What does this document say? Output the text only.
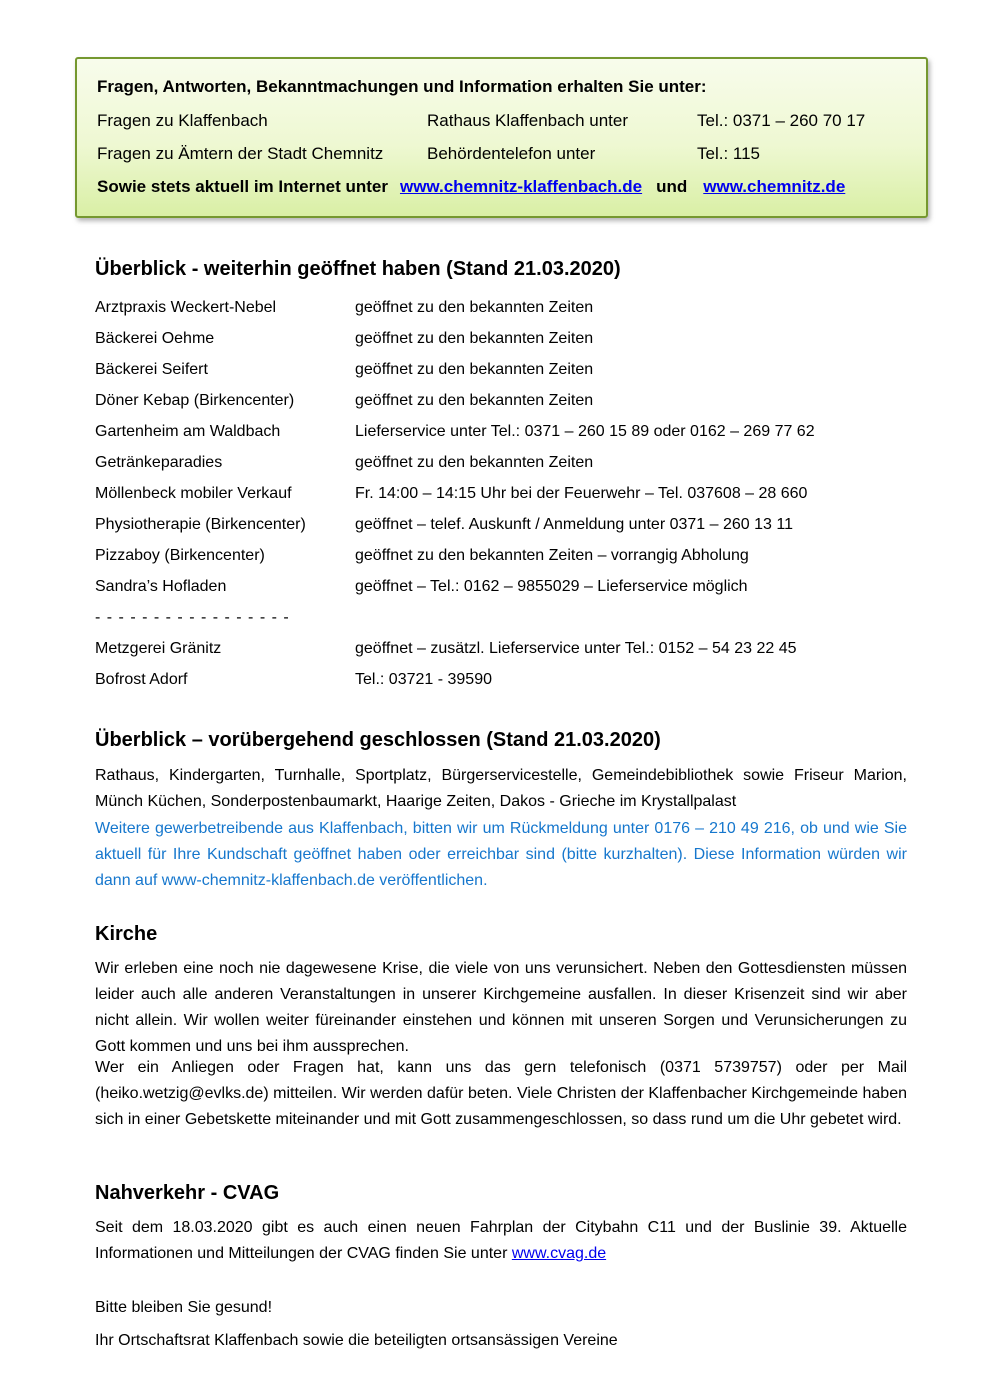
Fragen, Antworten, Bekanntmachungen und Information erhalten Sie unter:
Fragen zu Klaffenbach	Rathaus Klaffenbach unter	Tel.: 0371 – 260 70 17
Fragen zu Ämtern der Stadt Chemnitz	Behördentelefon unter	Tel.: 115
Sowie stets aktuell im Internet unter www.chemnitz-klaffenbach.de und www.chemnitz.de
Überblick - weiterhin geöffnet haben (Stand 21.03.2020)
Arztpraxis Weckert-Nebel	geöffnet zu den bekannten Zeiten
Bäckerei Oehme	geöffnet zu den bekannten Zeiten
Bäckerei Seifert	geöffnet zu den bekannten Zeiten
Döner Kebap (Birkencenter)	geöffnet zu den bekannten Zeiten
Gartenheim am Waldbach	Lieferservice unter Tel.: 0371 – 260 15 89 oder 0162 – 269 77 62
Getränkeparadies	geöffnet zu den bekannten Zeiten
Möllenbeck mobiler Verkauf	Fr. 14:00 – 14:15 Uhr bei der Feuerwehr – Tel. 037608 – 28 660
Physiotherapie (Birkencenter)	geöffnet – telef. Auskunft / Anmeldung unter 0371 – 260 13 11
Pizzaboy (Birkencenter)	geöffnet zu den bekannten Zeiten – vorrangig Abholung
Sandra’s Hofladen	geöffnet – Tel.: 0162 – 9855029 – Lieferservice möglich
- - - - - - - - - - - - - - - - -
Metzgerei Gränitz	geöffnet – zusätzl. Lieferservice unter Tel.: 0152 – 54 23 22 45
Bofrost Adorf	Tel.: 03721 - 39590
Überblick – vorübergehend geschlossen (Stand 21.03.2020)

Rathaus, Kindergarten, Turnhalle, Sportplatz, Bürgerservicestelle, Gemeindebibliothek sowie Friseur Marion, Münch Küchen, Sonderpostenbaumarkt, Haarige Zeiten, Dakos - Grieche im Krystallpalast

Weitere gewerbetreibende aus Klaffenbach, bitten wir um Rückmeldung unter 0176 – 210 49 216, ob und wie Sie aktuell für Ihre Kundschaft geöffnet haben oder erreichbar sind (bitte kurzhalten). Diese Information würden wir dann auf www-chemnitz-klaffenbach.de veröffentlichen.

Kirche

Wir erleben eine noch nie dagewesene Krise, die viele von uns verunsichert. Neben den Gottesdiensten müssen leider auch alle anderen Veranstaltungen in unserer Kirchgemeine ausfallen. In dieser Krisenzeit sind wir aber nicht allein. Wir wollen weiter füreinander einstehen und können mit unseren Sorgen und Verunsicherungen zu Gott kommen und uns bei ihm aussprechen.

Wer ein Anliegen oder Fragen hat, kann uns das gern telefonisch (0371 5739757) oder per Mail (heiko.wetzig@evlks.de) mitteilen. Wir werden dafür beten. Viele Christen der Klaffenbacher Kirchgemeinde haben sich in einer Gebetskette miteinander und mit Gott zusammengeschlossen, so dass rund um die Uhr gebetet wird.

Nahverkehr - CVAG

Seit dem 18.03.2020 gibt es auch einen neuen Fahrplan der Citybahn C11 und der Buslinie 39. Aktuelle Informationen und Mitteilungen der CVAG finden Sie unter www.cvag.de

Bitte bleiben Sie gesund!
Ihr Ortschaftsrat Klaffenbach sowie die beteiligten ortsansässigen Vereine
